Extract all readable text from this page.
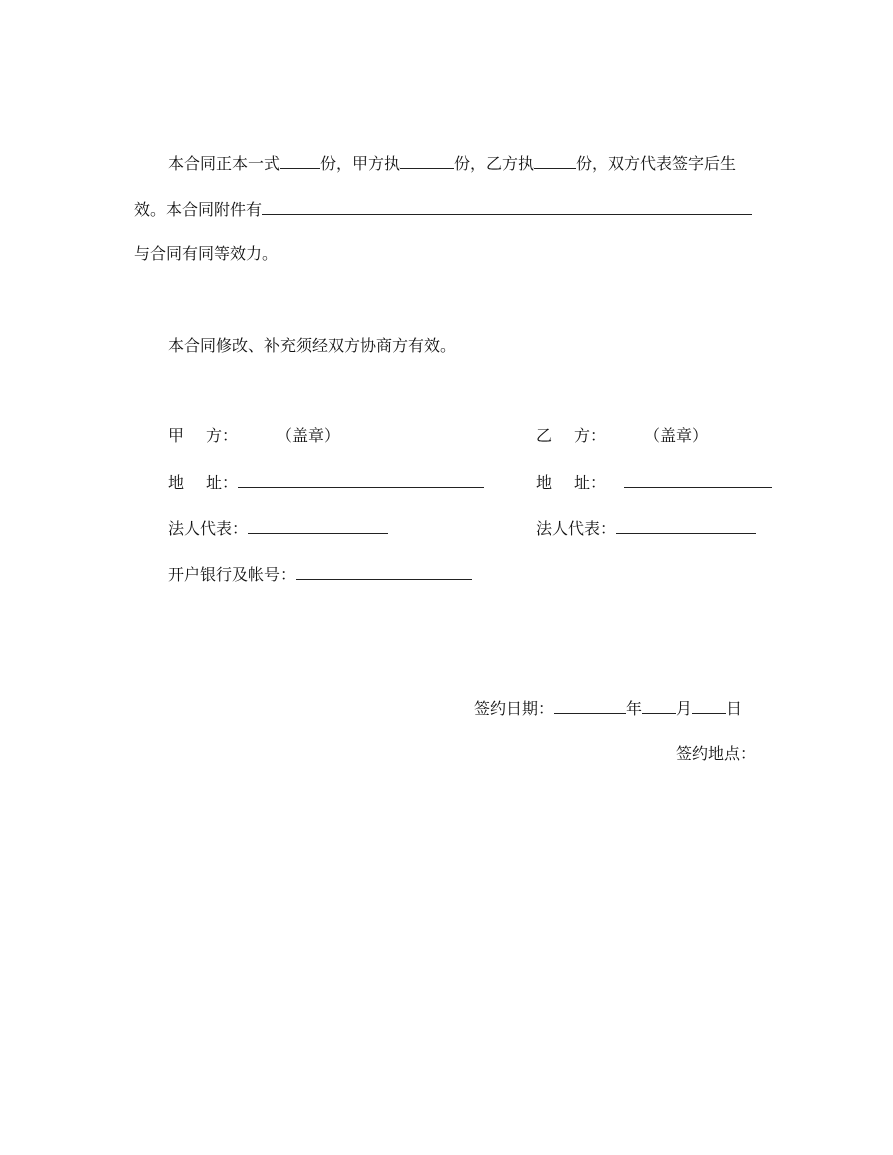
本合同正本一式	份，甲方执	份，乙方执	份，双方代表签字后生
效。本合同附件有
与合同有同等效力。
本合同修改、补充须经双方协商方有效。
甲 方： （盖章）
地 址：
法人代表：
开户银行及帐号：
乙 方： （盖章）
地 址：
法人代表：
签约日期：	年 月 日
签约地点：
